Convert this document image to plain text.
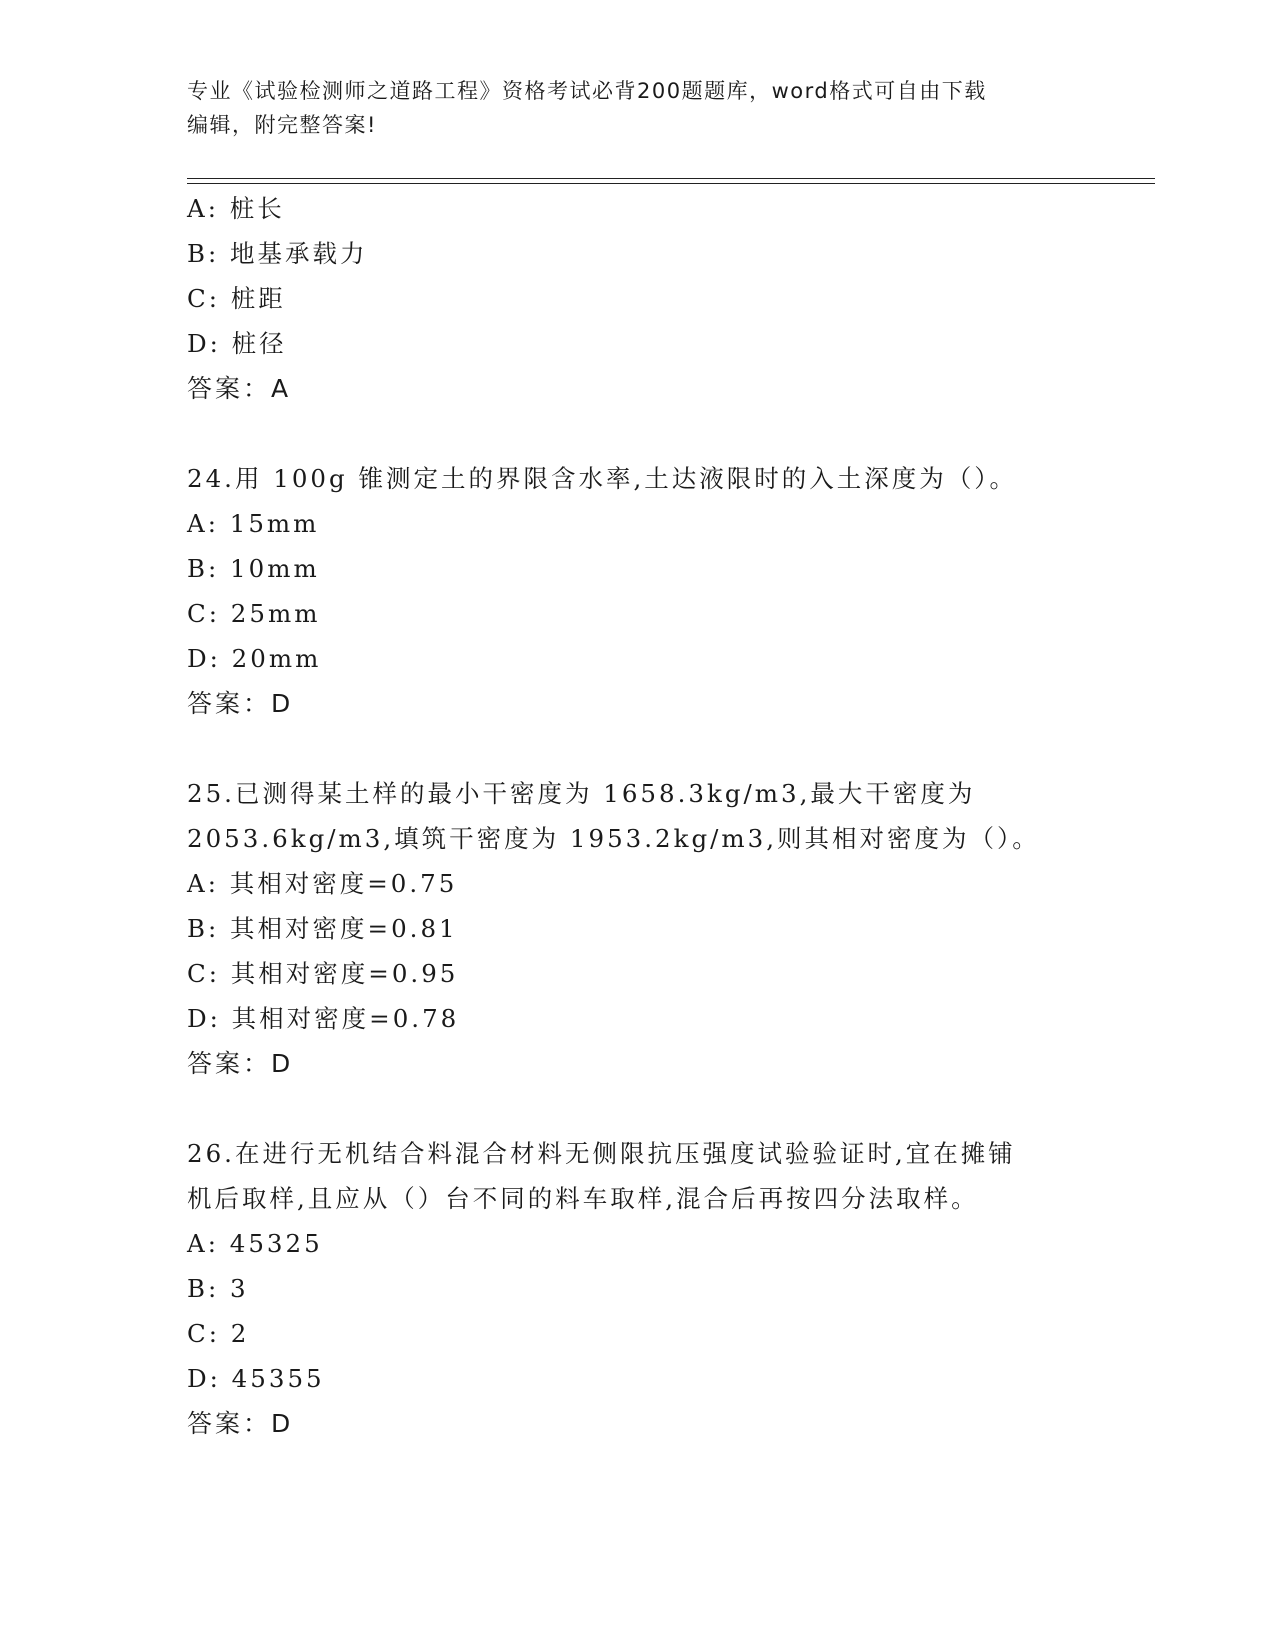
专业《试验检测师之道路工程》资格考试必背200题题库，word格式可自由下载
编辑，附完整答案!
A: 桩长
B: 地基承载力
C: 桩距
D: 桩径
答案：A
24.用 100g 锥测定土的界限含水率,土达液限时的入土深度为（）。
A: 15mm
B: 10mm
C: 25mm
D: 20mm
答案：D
25.已测得某土样的最小干密度为 1658.3kg/m3,最大干密度为
2053.6kg/m3,填筑干密度为 1953.2kg/m3,则其相对密度为（）。
A: 其相对密度=0.75
B: 其相对密度=0.81
C: 其相对密度=0.95
D: 其相对密度=0.78
答案：D
26.在进行无机结合料混合材料无侧限抗压强度试验验证时,宜在摊铺
机后取样,且应从（）台不同的料车取样,混合后再按四分法取样。
A: 45325
B: 3
C: 2
D: 45355
答案：D
